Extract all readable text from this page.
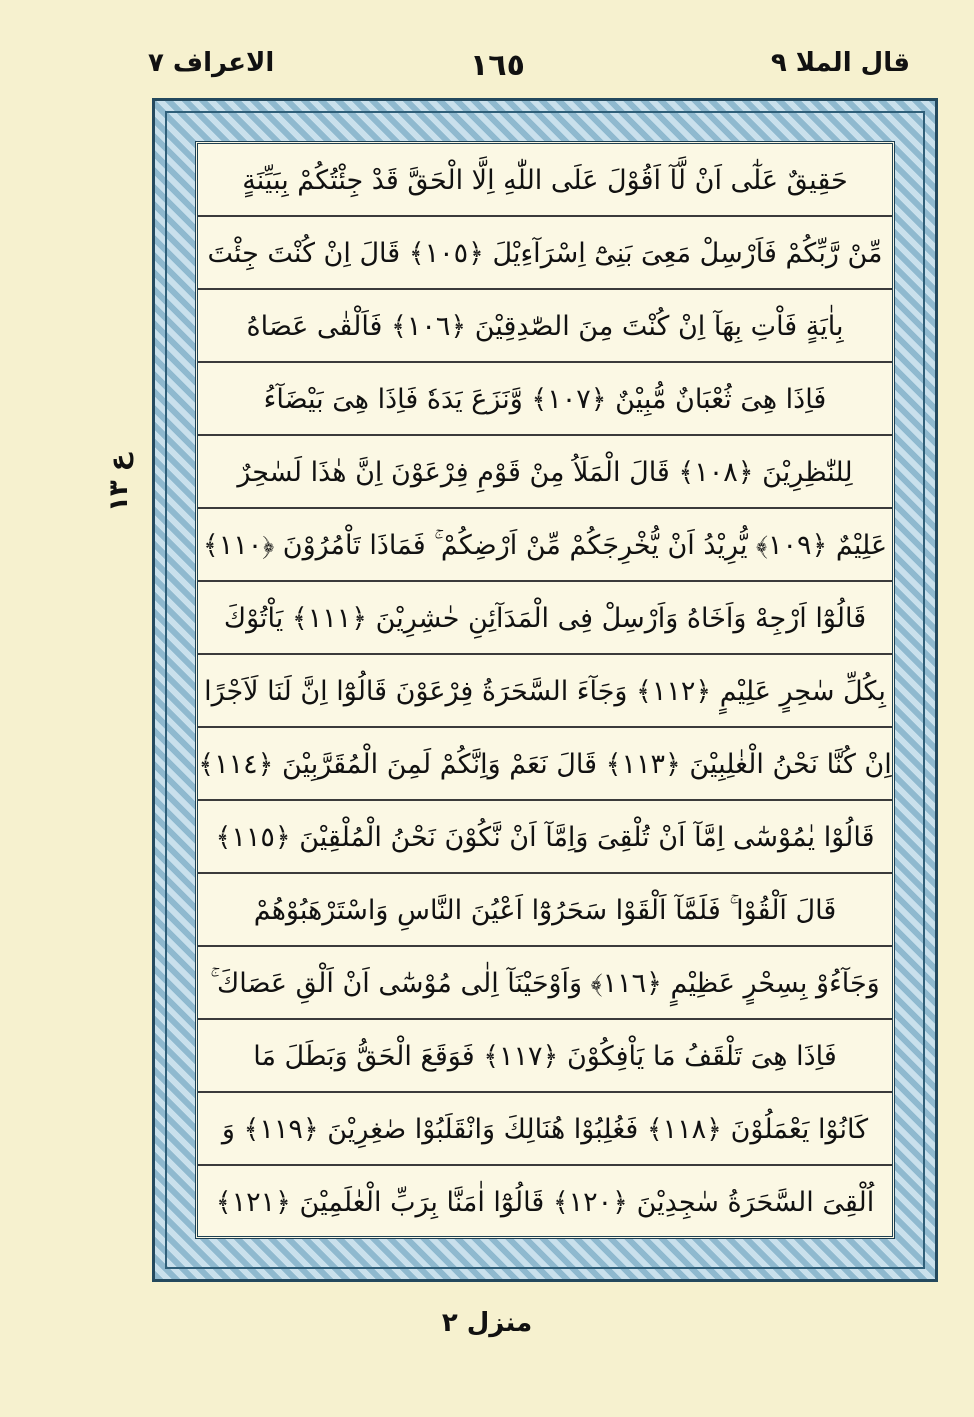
الاعراف ٧	١٦٥	قال الملا ٩
ع ١٣
حَقِيقٌ عَلٰٓى اَنْ لَّآ اَقُوْلَ عَلَى اللّٰهِ اِلَّا الْحَقَّ قَدْ جِئْتُكُمْ بِبَيِّنَةٍ
مِّنْ رَّبِّكُمْ فَاَرْسِلْ مَعِىَ بَنِىْٓ اِسْرَآءِيْلَ ﴿١٠٥﴾ قَالَ اِنْ كُنْتَ جِئْتَ
بِاٰيَةٍ فَاْتِ بِهَآ اِنْ كُنْتَ مِنَ الصّٰدِقِيْنَ ﴿١٠٦﴾ فَاَلْقٰى عَصَاهُ
فَاِذَا هِىَ ثُعْبَانٌ مُّبِيْنٌ ﴿١٠٧﴾ وَّنَزَعَ يَدَهٗ فَاِذَا هِىَ بَيْضَآءُ
لِلنّٰظِرِيْنَ ﴿١٠٨﴾ قَالَ الْمَلَاُ مِنْ قَوْمِ فِرْعَوْنَ اِنَّ هٰذَا لَسٰحِرٌ
عَلِيْمٌ ﴿١٠٩﴾ يُّرِيْدُ اَنْ يُّخْرِجَكُمْ مِّنْ اَرْضِكُمْ ۚ فَمَاذَا تَاْمُرُوْنَ ﴿١١٠﴾
قَالُوْٓا اَرْجِهْ وَاَخَاهُ وَاَرْسِلْ فِى الْمَدَآئِنِ حٰشِرِيْنَ ﴿١١١﴾ يَاْتُوْكَ
بِكُلِّ سٰحِرٍ عَلِيْمٍ ﴿١١٢﴾ وَجَآءَ السَّحَرَةُ فِرْعَوْنَ قَالُوْٓا اِنَّ لَنَا لَاَجْرًا
اِنْ كُنَّا نَحْنُ الْغٰلِبِيْنَ ﴿١١٣﴾ قَالَ نَعَمْ وَاِنَّكُمْ لَمِنَ الْمُقَرَّبِيْنَ ﴿١١٤﴾
قَالُوْا يٰمُوْسٰٓى اِمَّآ اَنْ تُلْقِىَ وَاِمَّآ اَنْ نَّكُوْنَ نَحْنُ الْمُلْقِيْنَ ﴿١١٥﴾
قَالَ اَلْقُوْا ۚ فَلَمَّآ اَلْقَوْا سَحَرُوْٓا اَعْيُنَ النَّاسِ وَاسْتَرْهَبُوْهُمْ
وَجَآءُوْ بِسِحْرٍ عَظِيْمٍ ﴿١١٦﴾ وَاَوْحَيْنَآ اِلٰى مُوْسٰٓى اَنْ اَلْقِ عَصَاكَ ۚ
فَاِذَا هِىَ تَلْقَفُ مَا يَاْفِكُوْنَ ﴿١١٧﴾ فَوَقَعَ الْحَقُّ وَبَطَلَ مَا
كَانُوْا يَعْمَلُوْنَ ﴿١١٨﴾ فَغُلِبُوْا هُنَالِكَ وَانْقَلَبُوْا صٰغِرِيْنَ ﴿١١٩﴾ وَ
اُلْقِىَ السَّحَرَةُ سٰجِدِيْنَ ﴿١٢٠﴾ قَالُوْٓا اٰمَنَّا بِرَبِّ الْعٰلَمِيْنَ ﴿١٢١﴾
منزل ٢
